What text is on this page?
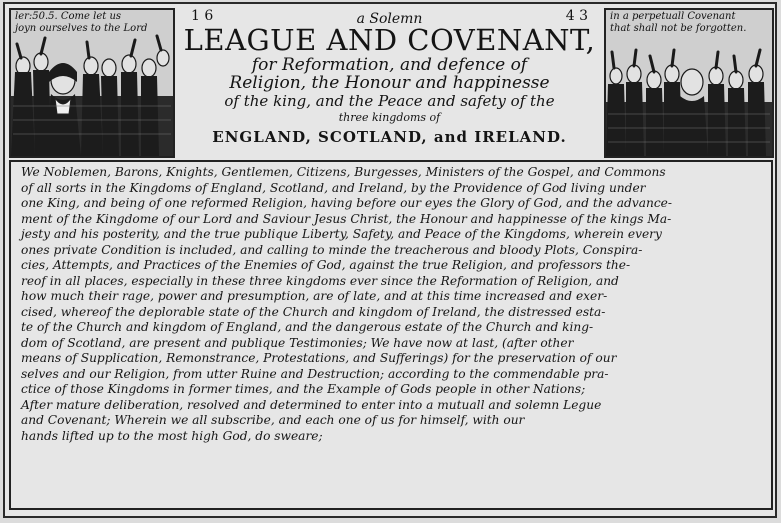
ler:50.5. Come let us
joyn ourselves to the Lord
1 6	a Solemn	4 3
LEAGUE AND COVENANT,
for Reformation, and defence of
Religion, the Honour and happinesse
of the king, and the Peace and safety of the
three kingdoms of
ENGLAND, SCOTLAND, and IRELAND.
in a perpetuall Covenant
that shall not be forgotten.
We Noblemen, Barons, Knights, Gentlemen, Citizens, Burgesses, Ministers of the Gospel, and Commons
of all sorts in the Kingdoms of England, Scotland, and Ireland, by the Providence of God living under
one King, and being of one reformed Religion, having before our eyes the Glory of God, and the advance-
ment of the Kingdome of our Lord and Saviour Jesus Christ, the Honour and happinesse of the kings Ma-
jesty and his posterity, and the true publique Liberty, Safety, and Peace of the Kingdoms, wherein every
ones private Condition is included, and calling to minde the treacherous and bloody Plots, Conspira-
cies, Attempts, and Practices of the Enemies of God, against the true Religion, and professors the-
reof in all places, especially in these three kingdoms ever since the Reformation of Religion, and
how much their rage, power and presumption, are of late, and at this time increased and exer-
cised, whereof the deplorable state of the Church and kingdom of Ireland, the distressed esta-
te of the Church and kingdom of England, and the dangerous estate of the Church and king-
dom of Scotland, are present and publique Testimonies; We have now at last, (after other
means of Supplication, Remonstrance, Protestations, and Sufferings) for the preservation of our
selves and our Religion, from utter Ruine and Destruction; according to the commendable pra-
ctice of those Kingdoms in former times, and the Example of Gods people in other Nations;
After mature deliberation, resolved and determined to enter into a mutuall and solemn Legue
and Covenant; Wherein we all subscribe, and each one of us for himself, with our
hands lifted up to the most high God, do sweare;
